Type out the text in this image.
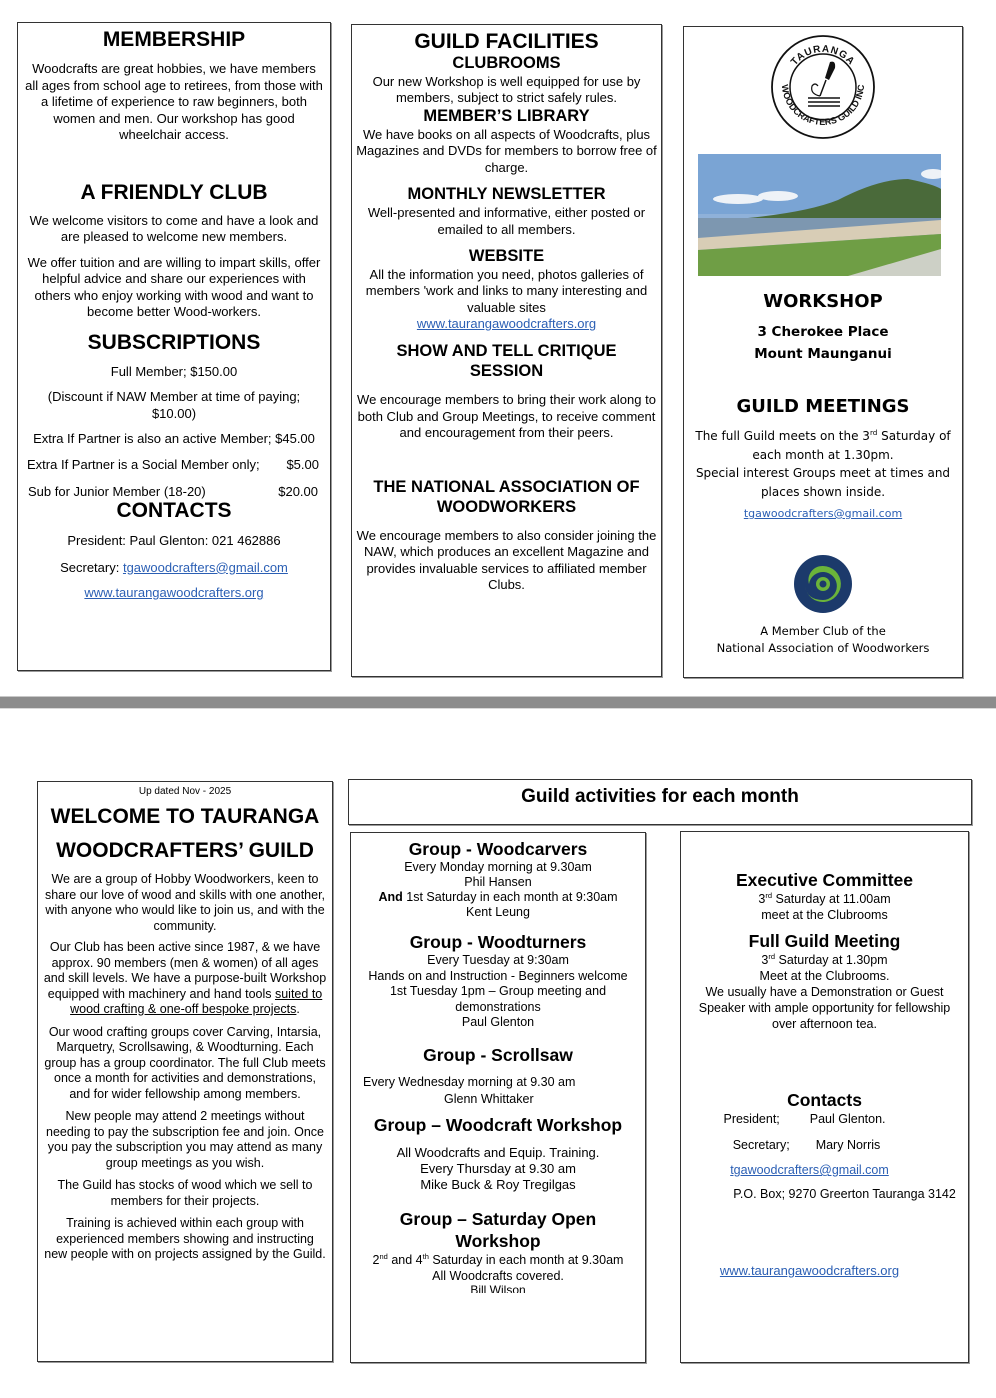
MEMBERSHIP

Woodcrafts are great hobbies, we have members all ages from school age to retirees, from those with a lifetime of experience to raw beginners, both women and men. Our workshop has good wheelchair access.

A FRIENDLY CLUB

We welcome visitors to come and have a look and are pleased to welcome new members.

We offer tuition and are willing to impart skills, offer helpful advice and share our experiences with others who enjoy working with wood and want to become better Wood-workers.

SUBSCRIPTIONS

Full Member; $150.00

(Discount if NAW Member at time of paying; $10.00)

Extra If Partner is also an active Member; $45.00

Extra If Partner is a Social Member only; $5.00
Sub for Junior Member (18-20)	$20.00
CONTACTS

President: Paul Glenton: 021 462886

Secretary: tgawoodcrafters@gmail.com

www.taurangawoodcrafters.org

GUILD FACILITIES
CLUBROOMS

Our new Workshop is well equipped for use by members, subject to strict safely rules.

MEMBER’S LIBRARY

We have books on all aspects of Woodcrafts, plus Magazines and DVDs for members to borrow free of charge.

MONTHLY NEWSLETTER

Well-presented and informative, either posted or emailed to all members.

WEBSITE

All the information you need, photos galleries of members 'work and links to many interesting and valuable sites

www.taurangawoodcrafters.org

SHOW AND TELL CRITIQUE SESSION

We encourage members to bring their work along to both Club and Group Meetings, to receive comment and encouragement from their peers.

THE NATIONAL ASSOCIATION OF WOODWORKERS

We encourage members to also consider joining the NAW, which produces an excellent Magazine and provides invaluable services to affiliated member Clubs.

TAURANGA
WOODCRAFTERS GUILD INC
WORKSHOP
3 Cherokee Place
Mount Maunganui
GUILD MEETINGS

The full Guild meets on the 3rd Saturday of each month at 1.30pm.

Special interest Groups meet at times and places shown inside.

tgawoodcrafters@gmail.com

A Member Club of the
National Association of Woodworkers
Up dated Nov - 2025
WELCOME TO TAURANGA
WOODCRAFTERS’ GUILD

We are a group of Hobby Woodworkers, keen to share our love of wood and skills with one another, with anyone who would like to join us, and with the community.

Our Club has been active since 1987, & we have approx. 90 members (men & women) of all ages and skill levels. We have a purpose-built Workshop equipped with machinery and hand tools suited to wood crafting & one-off bespoke projects.

Our wood crafting groups cover Carving, Intarsia, Marquetry, Scrollsawing, & Woodturning. Each group has a group coordinator. The full Club meets once a month for activities and demonstrations, and for wider fellowship among members.

New people may attend 2 meetings without needing to pay the subscription fee and join. Once you pay the subscription you may attend as many group meetings as you wish.

The Guild has stocks of wood which we sell to members for their projects.

Training is achieved within each group with experienced members showing and instructing new people with on projects assigned by the Guild.

Guild activities for each month
Group - Woodcarvers

Every Monday morning at 9.30am

Phil Hansen

And 1st Saturday in each month at 9:30am

Kent Leung

Group - Woodturners

Every Tuesday at 9:30am

Hands on and Instruction - Beginners welcome

1st Tuesday 1pm – Group meeting and demonstrations

Paul Glenton

Group - Scrollsaw

Every Wednesday morning at 9.30 am

Glenn Whittaker

Group – Woodcraft Workshop

All Woodcrafts and Equip. Training.

Every Thursday at 9.30 am

Mike Buck & Roy Tregilgas

Group – Saturday Open Workshop

2nd and 4th Saturday in each month at 9.30am

All Woodcrafts covered.

Bill Wilson

Executive Committee

3rd Saturday at 11.00am

meet at the Clubrooms

Full Guild Meeting

3rd Saturday at 1.30pm

Meet at the Clubrooms.

We usually have a Demonstration or Guest Speaker with ample opportunity for fellowship over afternoon tea.

Contacts
President; Paul Glenton.
Secretary; Mary Norris

tgawoodcrafters@gmail.com

P.O. Box; 9270 Greerton Tauranga 3142

www.taurangawoodcrafters.org
